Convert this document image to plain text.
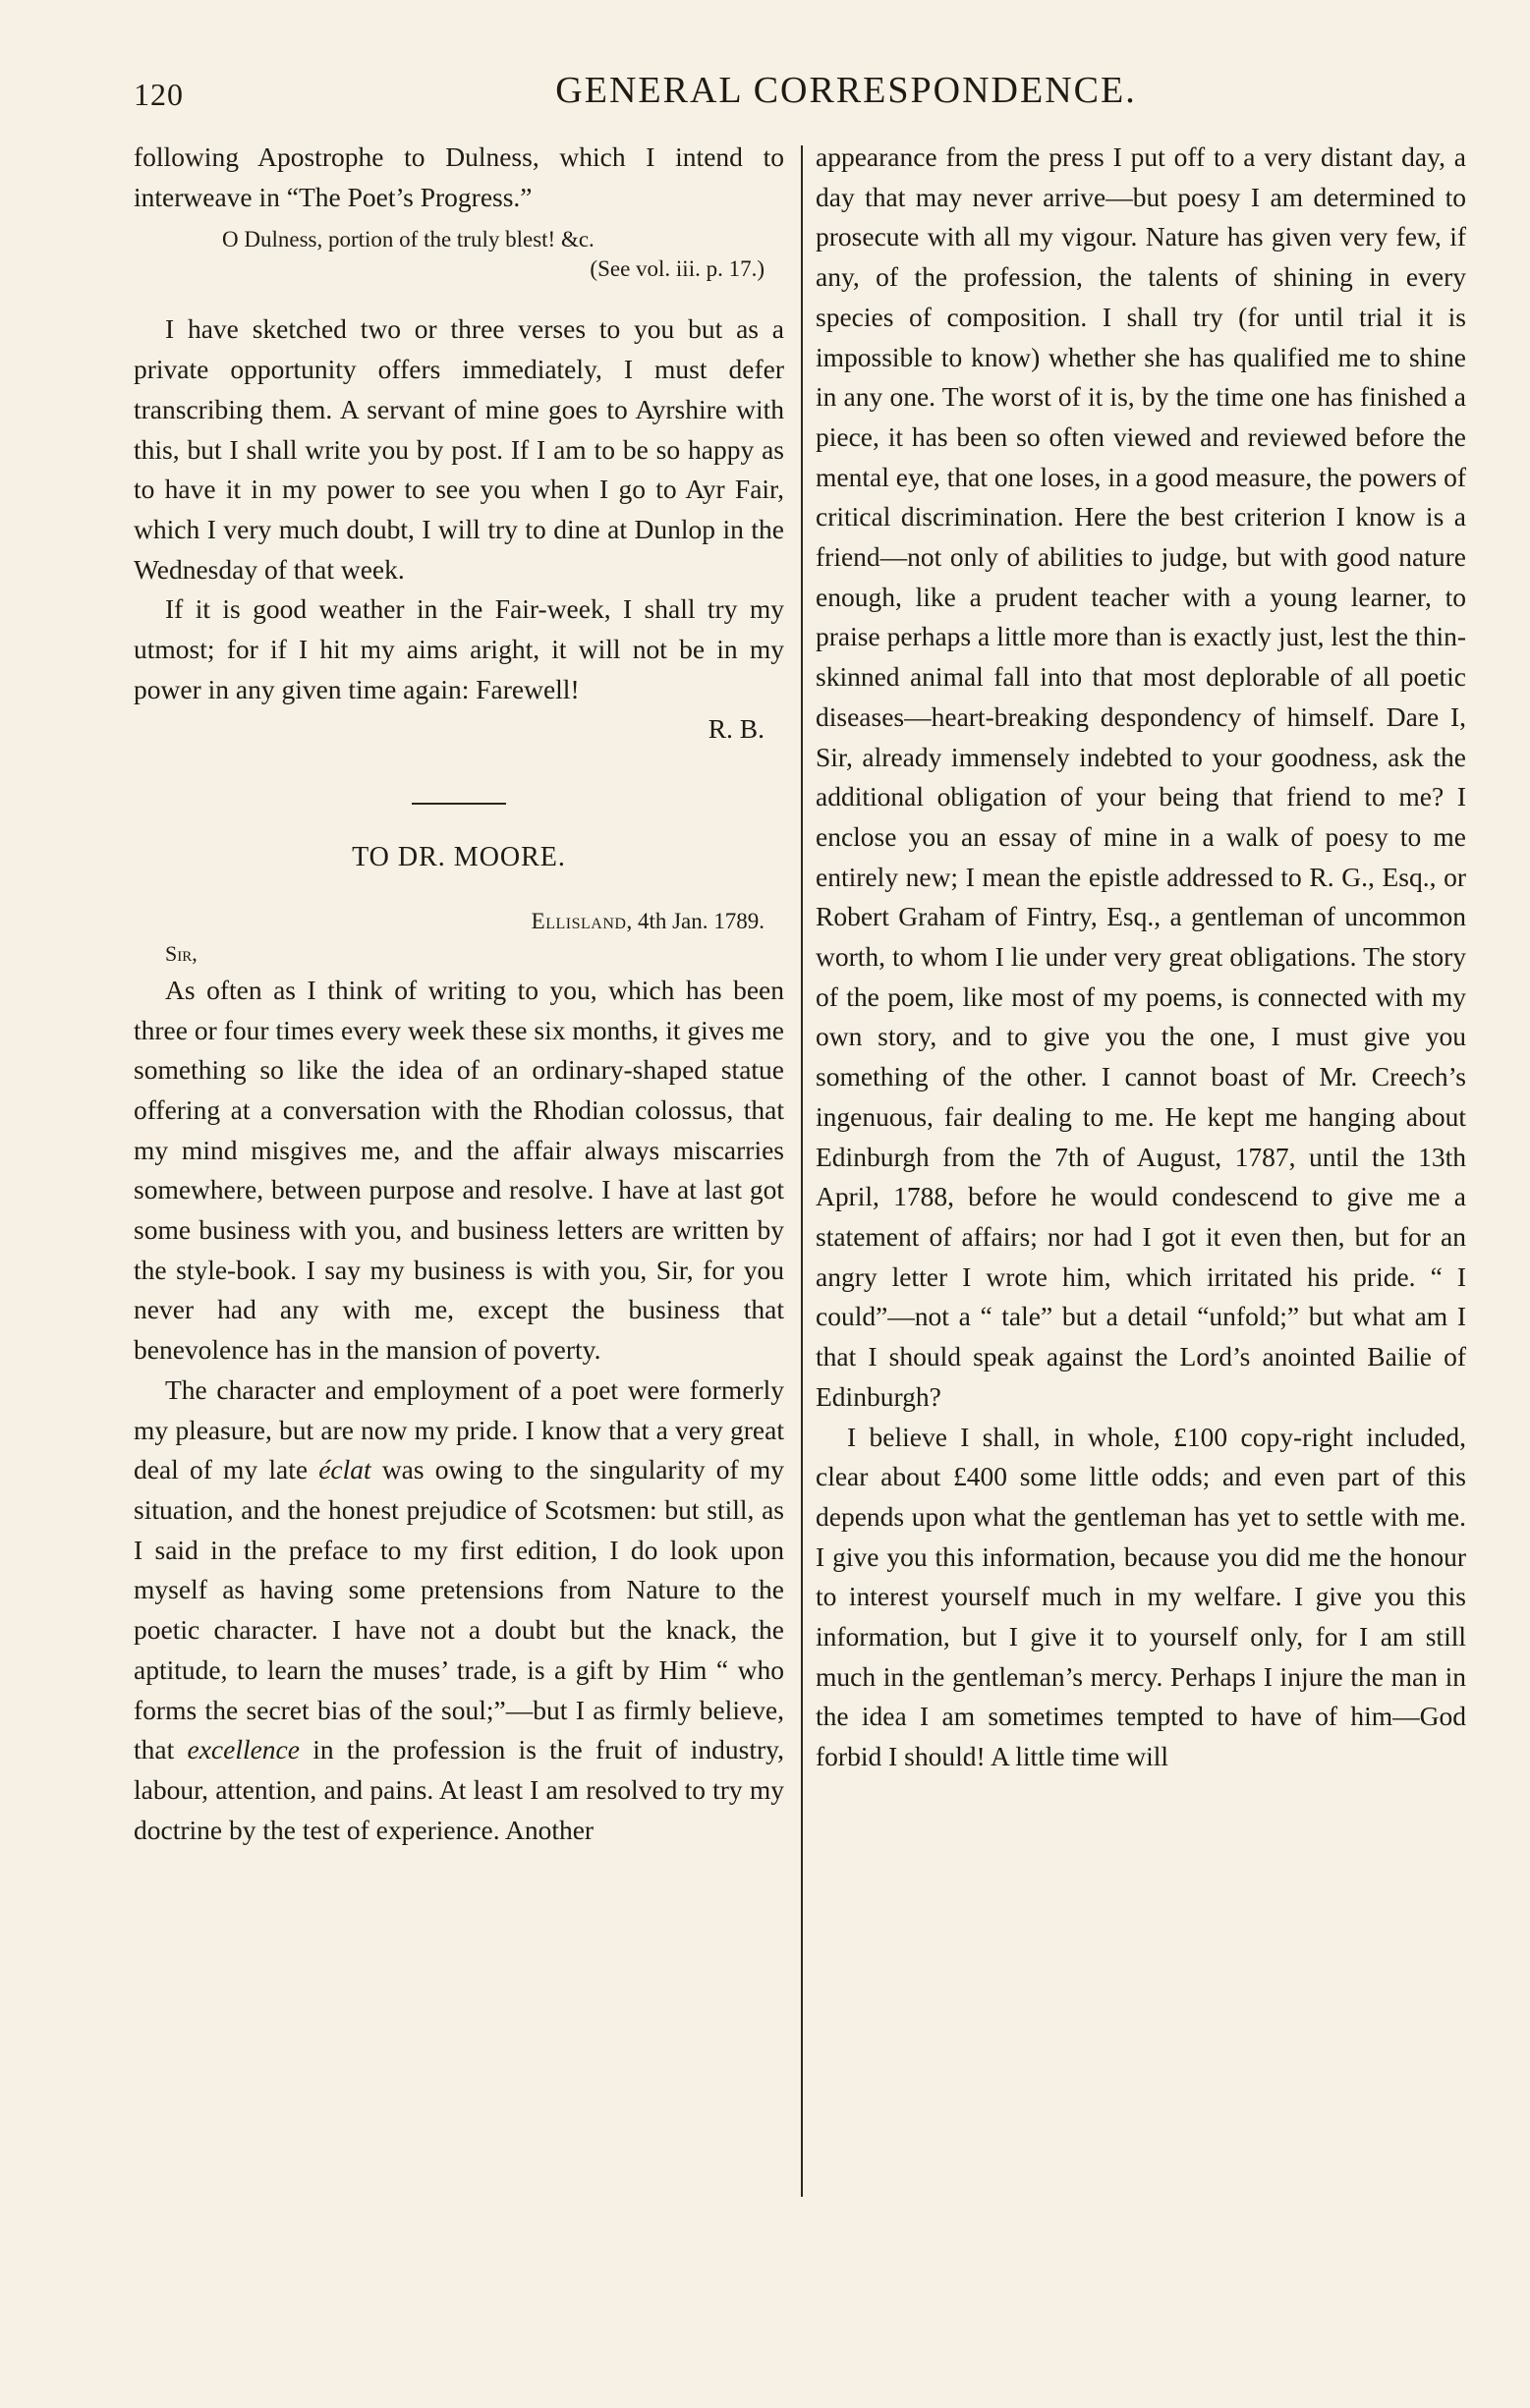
120	GENERAL CORRESPONDENCE.

following Apostrophe to Dulness, which I intend to interweave in “The Poet’s Progress.”

O Dulness, portion of the truly blest! &c.
(See vol. iii. p. 17.)

I have sketched two or three verses to you but as a private opportunity offers immediately, I must defer transcribing them. A servant of mine goes to Ayrshire with this, but I shall write you by post. If I am to be so happy as to have it in my power to see you when I go to Ayr Fair, which I very much doubt, I will try to dine at Dunlop in the Wednesday of that week.

If it is good weather in the Fair-week, I shall try my utmost; for if I hit my aims aright, it will not be in my power in any given time again: Farewell!

R. B.
TO DR. MOORE.
Ellisland, 4th Jan. 1789.
Sir,

As often as I think of writing to you, which has been three or four times every week these six months, it gives me something so like the idea of an ordinary-shaped statue offering at a conversation with the Rhodian colossus, that my mind misgives me, and the affair always miscarries somewhere, between purpose and resolve. I have at last got some business with you, and business letters are written by the style-book. I say my business is with you, Sir, for you never had any with me, except the business that benevolence has in the mansion of poverty.

The character and employment of a poet were formerly my pleasure, but are now my pride. I know that a very great deal of my late éclat was owing to the singularity of my situation, and the honest prejudice of Scotsmen: but still, as I said in the preface to my first edition, I do look upon myself as having some pretensions from Nature to the poetic character. I have not a doubt but the knack, the aptitude, to learn the muses’ trade, is a gift by Him “ who forms the secret bias of the soul;”—but I as firmly believe, that excellence in the profession is the fruit of industry, labour, attention, and pains. At least I am resolved to try my doctrine by the test of experience. Another

appearance from the press I put off to a very distant day, a day that may never arrive—but poesy I am determined to prosecute with all my vigour. Nature has given very few, if any, of the profession, the talents of shining in every species of composition. I shall try (for until trial it is impossible to know) whether she has qualified me to shine in any one. The worst of it is, by the time one has finished a piece, it has been so often viewed and reviewed before the mental eye, that one loses, in a good measure, the powers of critical discrimination. Here the best criterion I know is a friend—not only of abilities to judge, but with good nature enough, like a prudent teacher with a young learner, to praise perhaps a little more than is exactly just, lest the thin-skinned animal fall into that most deplorable of all poetic diseases—heart-breaking despondency of himself. Dare I, Sir, already immensely indebted to your goodness, ask the additional obligation of your being that friend to me? I enclose you an essay of mine in a walk of poesy to me entirely new; I mean the epistle addressed to R. G., Esq., or Robert Graham of Fintry, Esq., a gentleman of uncommon worth, to whom I lie under very great obligations. The story of the poem, like most of my poems, is connected with my own story, and to give you the one, I must give you something of the other. I cannot boast of Mr. Creech’s ingenuous, fair dealing to me. He kept me hanging about Edinburgh from the 7th of August, 1787, until the 13th April, 1788, before he would condescend to give me a statement of affairs; nor had I got it even then, but for an angry letter I wrote him, which irritated his pride. “ I could”—not a “ tale” but a detail “unfold;” but what am I that I should speak against the Lord’s anointed Bailie of Edinburgh?

I believe I shall, in whole, £100 copy-right included, clear about £400 some little odds; and even part of this depends upon what the gentleman has yet to settle with me. I give you this information, because you did me the honour to interest yourself much in my welfare. I give you this information, but I give it to yourself only, for I am still much in the gentleman’s mercy. Perhaps I injure the man in the idea I am sometimes tempted to have of him—God forbid I should! A little time will
